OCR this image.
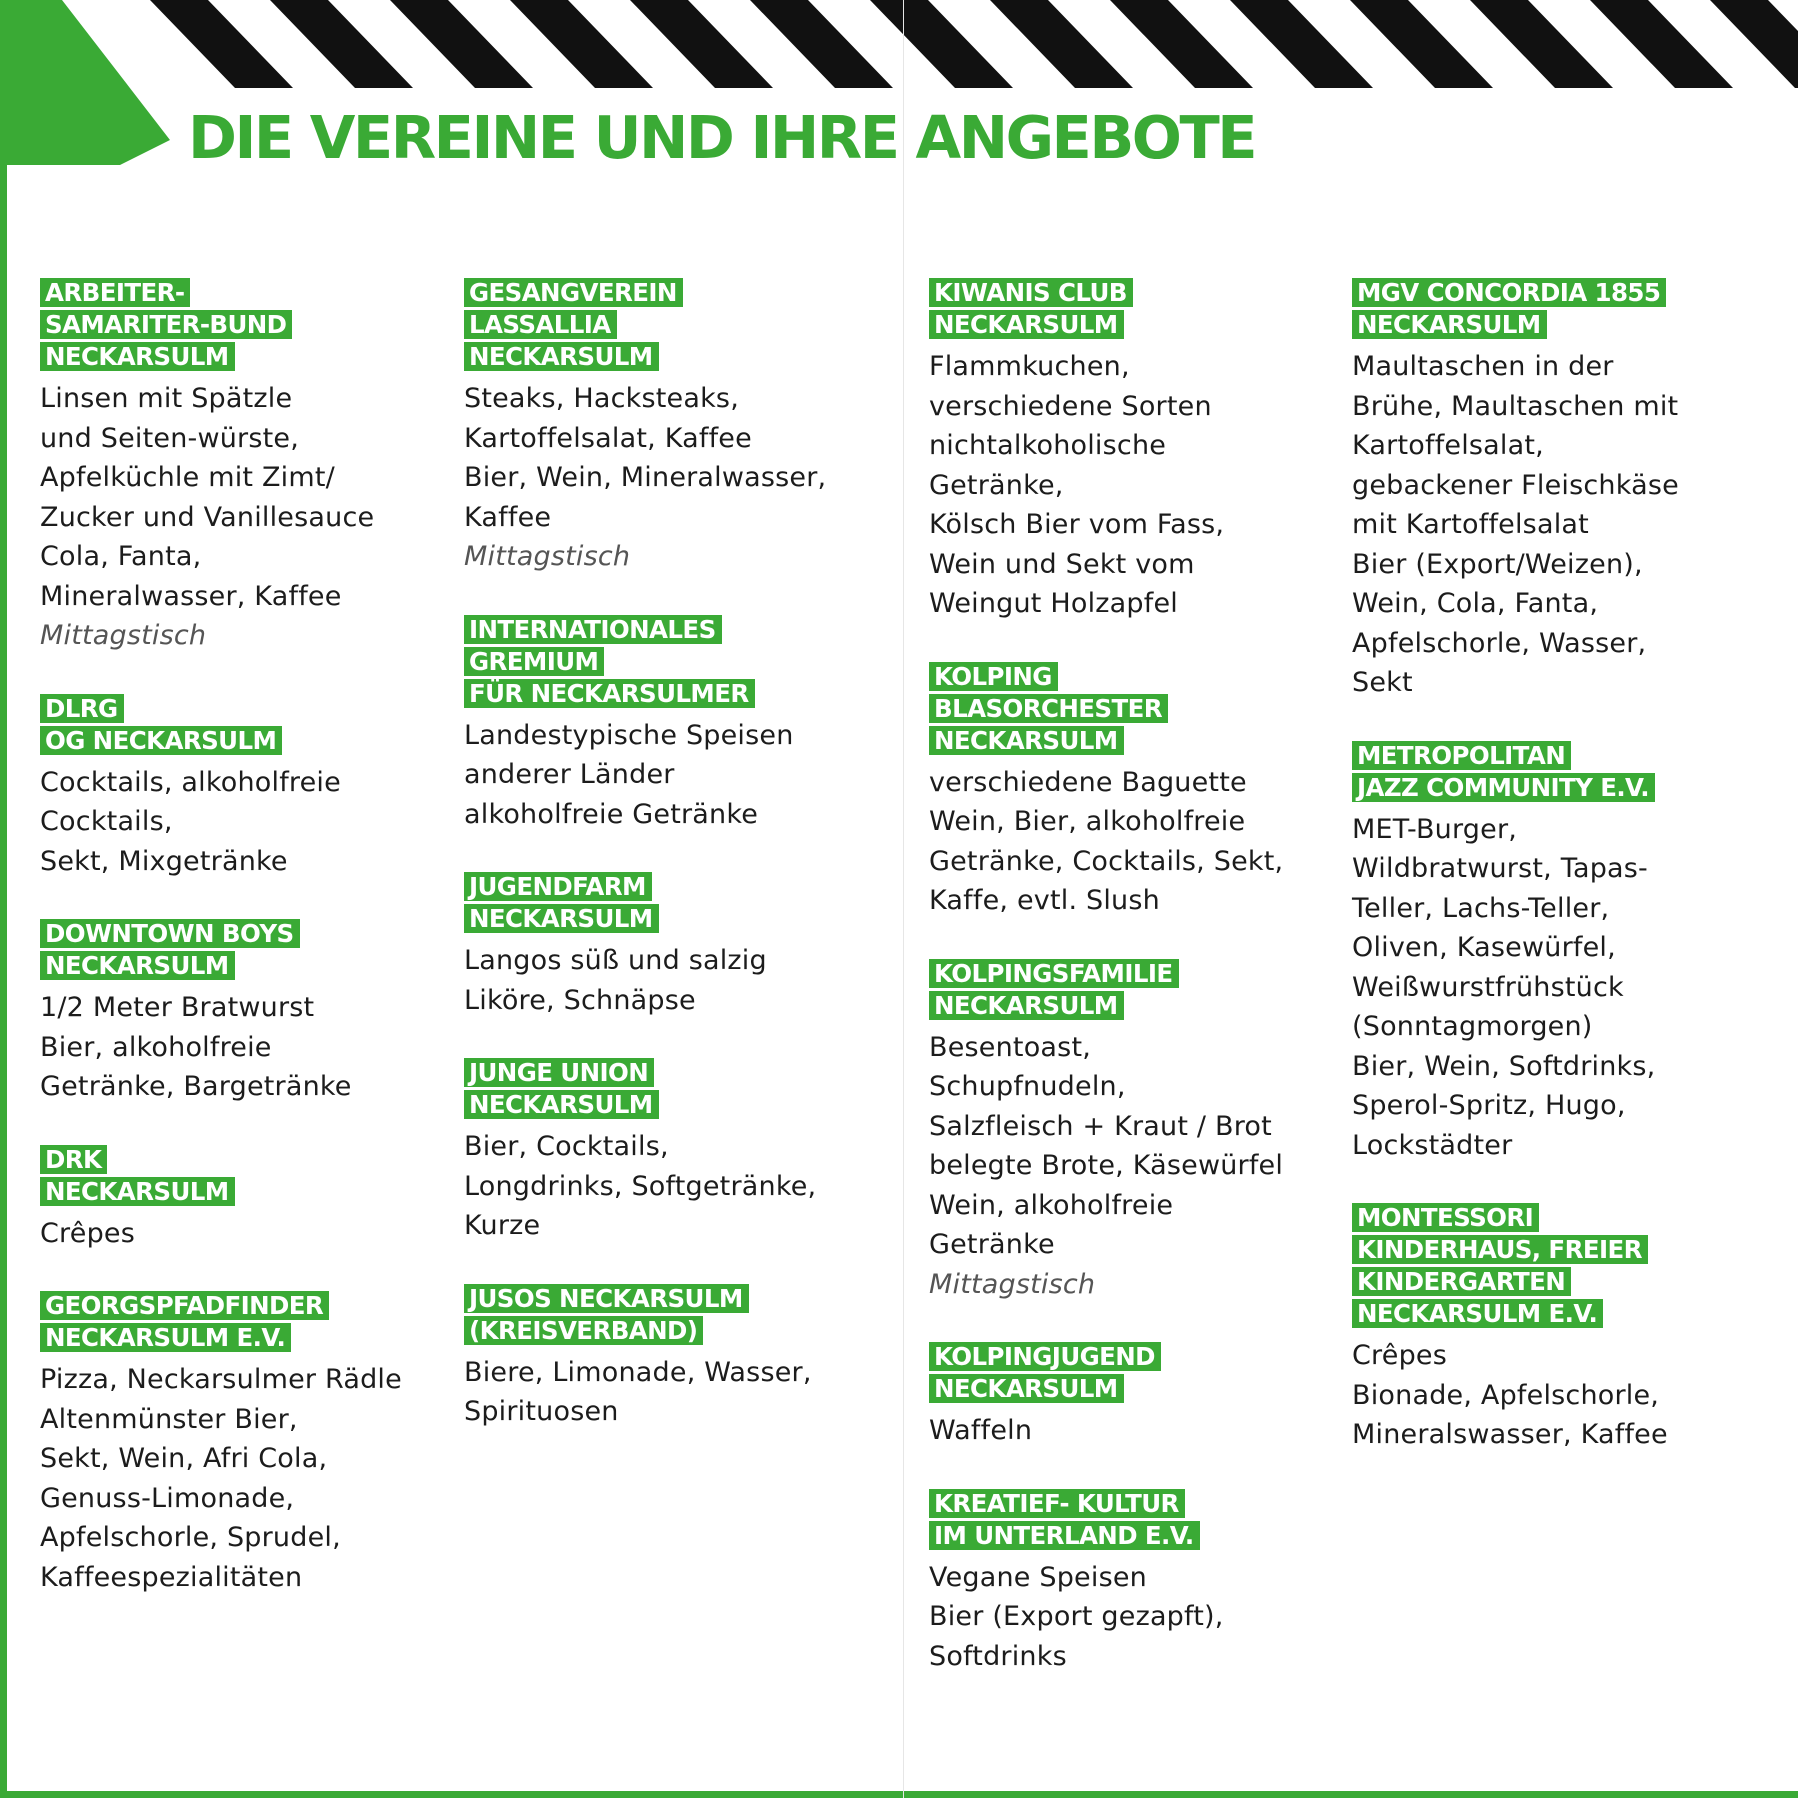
DIE VEREINE UND IHRE ANGEBOTE
ARBEITER-
SAMARITER-BUND
NECKARSULM

Linsen mit Spätzle
und Seiten-würste,
Apfelküchle mit Zimt/
Zucker und Vanillesauce
Cola, Fanta,
Mineralwasser, Kaffee
Mittagstisch
DLRG
OG NECKARSULM

Cocktails, alkoholfreie
Cocktails,
Sekt, Mixgetränke
DOWNTOWN BOYS
NECKARSULM

1/2 Meter Bratwurst
Bier, alkoholfreie
Getränke, Bargetränke
DRK
NECKARSULM

Crêpes
GEORGSPFADFINDER
NECKARSULM E.V.

Pizza, Neckarsulmer Rädle
Altenmünster Bier,
Sekt, Wein, Afri Cola,
Genuss-Limonade,
Apfelschorle, Sprudel,
Kaffeespezialitäten
GESANGVEREIN
LASSALLIA
NECKARSULM

Steaks, Hacksteaks,
Kartoffelsalat, Kaffee
Bier, Wein, Mineralwasser,
Kaffee
Mittagstisch
INTERNATIONALES
GREMIUM
FÜR NECKARSULMER

Landestypische Speisen
anderer Länder
alkoholfreie Getränke
JUGENDFARM
NECKARSULM

Langos süß und salzig
Liköre, Schnäpse
JUNGE UNION
NECKARSULM

Bier, Cocktails,
Longdrinks, Softgetränke,
Kurze
JUSOS NECKARSULM
(KREISVERBAND)

Biere, Limonade, Wasser,
Spirituosen
KIWANIS CLUB
NECKARSULM

Flammkuchen,
verschiedene Sorten
nichtalkoholische
Getränke,
Kölsch Bier vom Fass,
Wein und Sekt vom
Weingut Holzapfel
KOLPING
BLASORCHESTER
NECKARSULM

verschiedene Baguette
Wein, Bier, alkoholfreie
Getränke, Cocktails, Sekt,
Kaffe, evtl. Slush
KOLPINGSFAMILIE
NECKARSULM

Besentoast,
Schupfnudeln,
Salzfleisch + Kraut / Brot
belegte Brote, Käsewürfel
Wein, alkoholfreie
Getränke
Mittagstisch
KOLPINGJUGEND
NECKARSULM

Waffeln
KREATIEF- KULTUR
IM UNTERLAND E.V.

Vegane Speisen
Bier (Export gezapft),
Softdrinks
MGV CONCORDIA 1855
NECKARSULM

Maultaschen in der
Brühe, Maultaschen mit
Kartoffelsalat,
gebackener Fleischkäse
mit Kartoffelsalat
Bier (Export/Weizen),
Wein, Cola, Fanta,
Apfelschorle, Wasser,
Sekt
METROPOLITAN
JAZZ COMMUNITY E.V.

MET-Burger,
Wildbratwurst, Tapas-
Teller, Lachs-Teller,
Oliven, Kasewürfel,
Weißwurstfrühstück
(Sonntagmorgen)
Bier, Wein, Softdrinks,
Sperol-Spritz, Hugo,
Lockstädter
MONTESSORI
KINDERHAUS, FREIER
KINDERGARTEN
NECKARSULM E.V.

Crêpes
Bionade, Apfelschorle,
Mineralswasser, Kaffee
